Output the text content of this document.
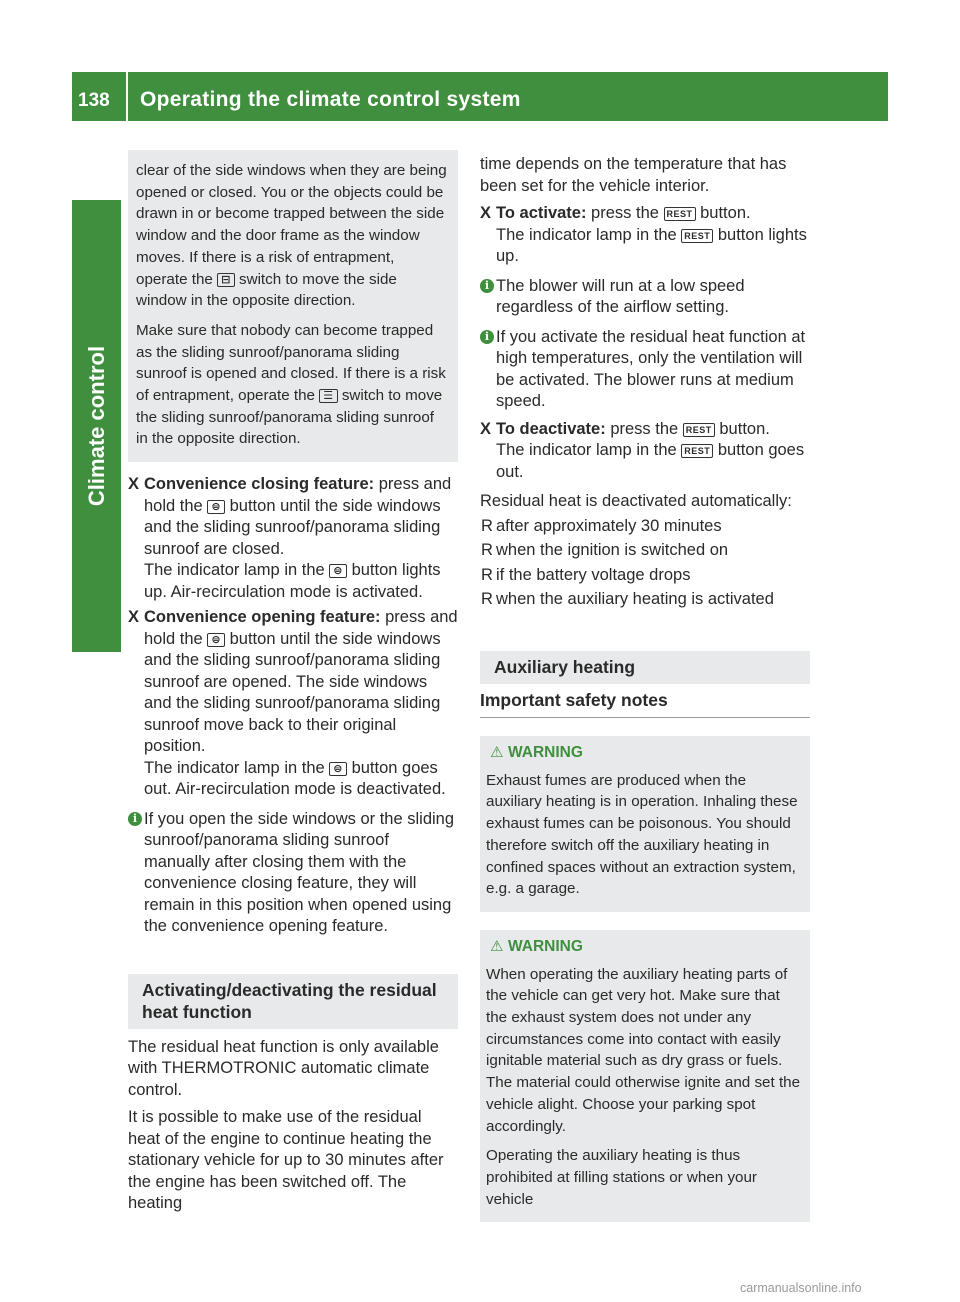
138 Operating the climate control system
Climate control

clear of the side windows when they are being opened or closed. You or the objects could be drawn in or become trapped between the side window and the door frame as the window moves. If there is a risk of entrapment, operate the ⊟ switch to move the side window in the opposite direction.

Make sure that nobody can become trapped as the sliding sunroof/panorama sliding sunroof is opened and closed. If there is a risk of entrapment, operate the ☰ switch to move the sliding sunroof/panorama sliding sunroof in the opposite direction.

X Convenience closing feature: press and hold the ⊜ button until the side windows and the sliding sunroof/panorama sliding sunroof are closed.
The indicator lamp in the ⊜ button lights up. Air-recirculation mode is activated.

X Convenience opening feature: press and hold the ⊜ button until the side windows and the sliding sunroof/panorama sliding sunroof are opened. The side windows and the sliding sunroof/panorama sliding sunroof move back to their original position.
The indicator lamp in the ⊜ button goes out. Air-recirculation mode is deactivated.

i If you open the side windows or the sliding sunroof/panorama sliding sunroof manually after closing them with the convenience closing feature, they will remain in this position when opened using the convenience opening feature.

Activating/deactivating the residual heat function

The residual heat function is only available with THERMOTRONIC automatic climate control.

It is possible to make use of the residual heat of the engine to continue heating the stationary vehicle for up to 30 minutes after the engine has been switched off. The heating

time depends on the temperature that has been set for the vehicle interior.

X To activate: press the REST button.
The indicator lamp in the REST button lights up.

i The blower will run at a low speed regardless of the airflow setting.

i If you activate the residual heat function at high temperatures, only the ventilation will be activated. The blower runs at medium speed.

X To deactivate: press the REST button.
The indicator lamp in the REST button goes out.

Residual heat is deactivated automatically:

R after approximately 30 minutes

R when the ignition is switched on

R if the battery voltage drops

R when the auxiliary heating is activated

Auxiliary heating
Important safety notes
⚠ WARNING

Exhaust fumes are produced when the auxiliary heating is in operation. Inhaling these exhaust fumes can be poisonous. You should therefore switch off the auxiliary heating in confined spaces without an extraction system, e.g. a garage.

⚠ WARNING

When operating the auxiliary heating parts of the vehicle can get very hot. Make sure that the exhaust system does not under any circumstances come into contact with easily ignitable material such as dry grass or fuels. The material could otherwise ignite and set the vehicle alight. Choose your parking spot accordingly.

Operating the auxiliary heating is thus prohibited at filling stations or when your vehicle

carmanualsonline.info
